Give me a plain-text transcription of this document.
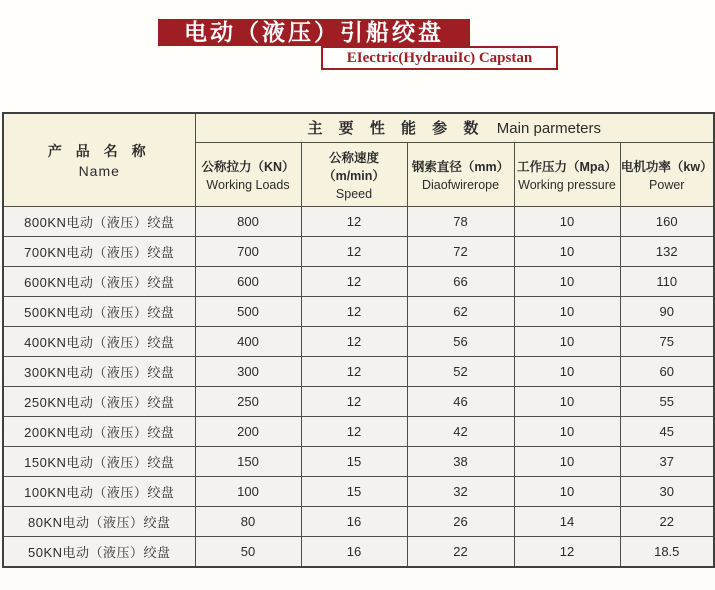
电动（液压）引船绞盘
EIectric(HydrauiIc) Capstan
产 品 名 称
Name	主 要 性 能 参 数 Main parmeters				

公称拉力（KN）
Working Loads

公称速度（m/min）
Speed

钢索直径（mm）
Diaofwirerope

工作压力（Mpa）
Working pressure

电机功率（kw）
Power

800KN电动（液压）绞盘	800	12	78	10	160
700KN电动（液压）绞盘	700	12	72	10	132
600KN电动（液压）绞盘	600	12	66	10	110
500KN电动（液压）绞盘	500	12	62	10	90
400KN电动（液压）绞盘	400	12	56	10	75
300KN电动（液压）绞盘	300	12	52	10	60
250KN电动（液压）绞盘	250	12	46	10	55
200KN电动（液压）绞盘	200	12	42	10	45
150KN电动（液压）绞盘	150	15	38	10	37
100KN电动（液压）绞盘	100	15	32	10	30
80KN电动（液压）绞盘	80	16	26	14	22
50KN电动（液压）绞盘	50	16	22	12	18.5
